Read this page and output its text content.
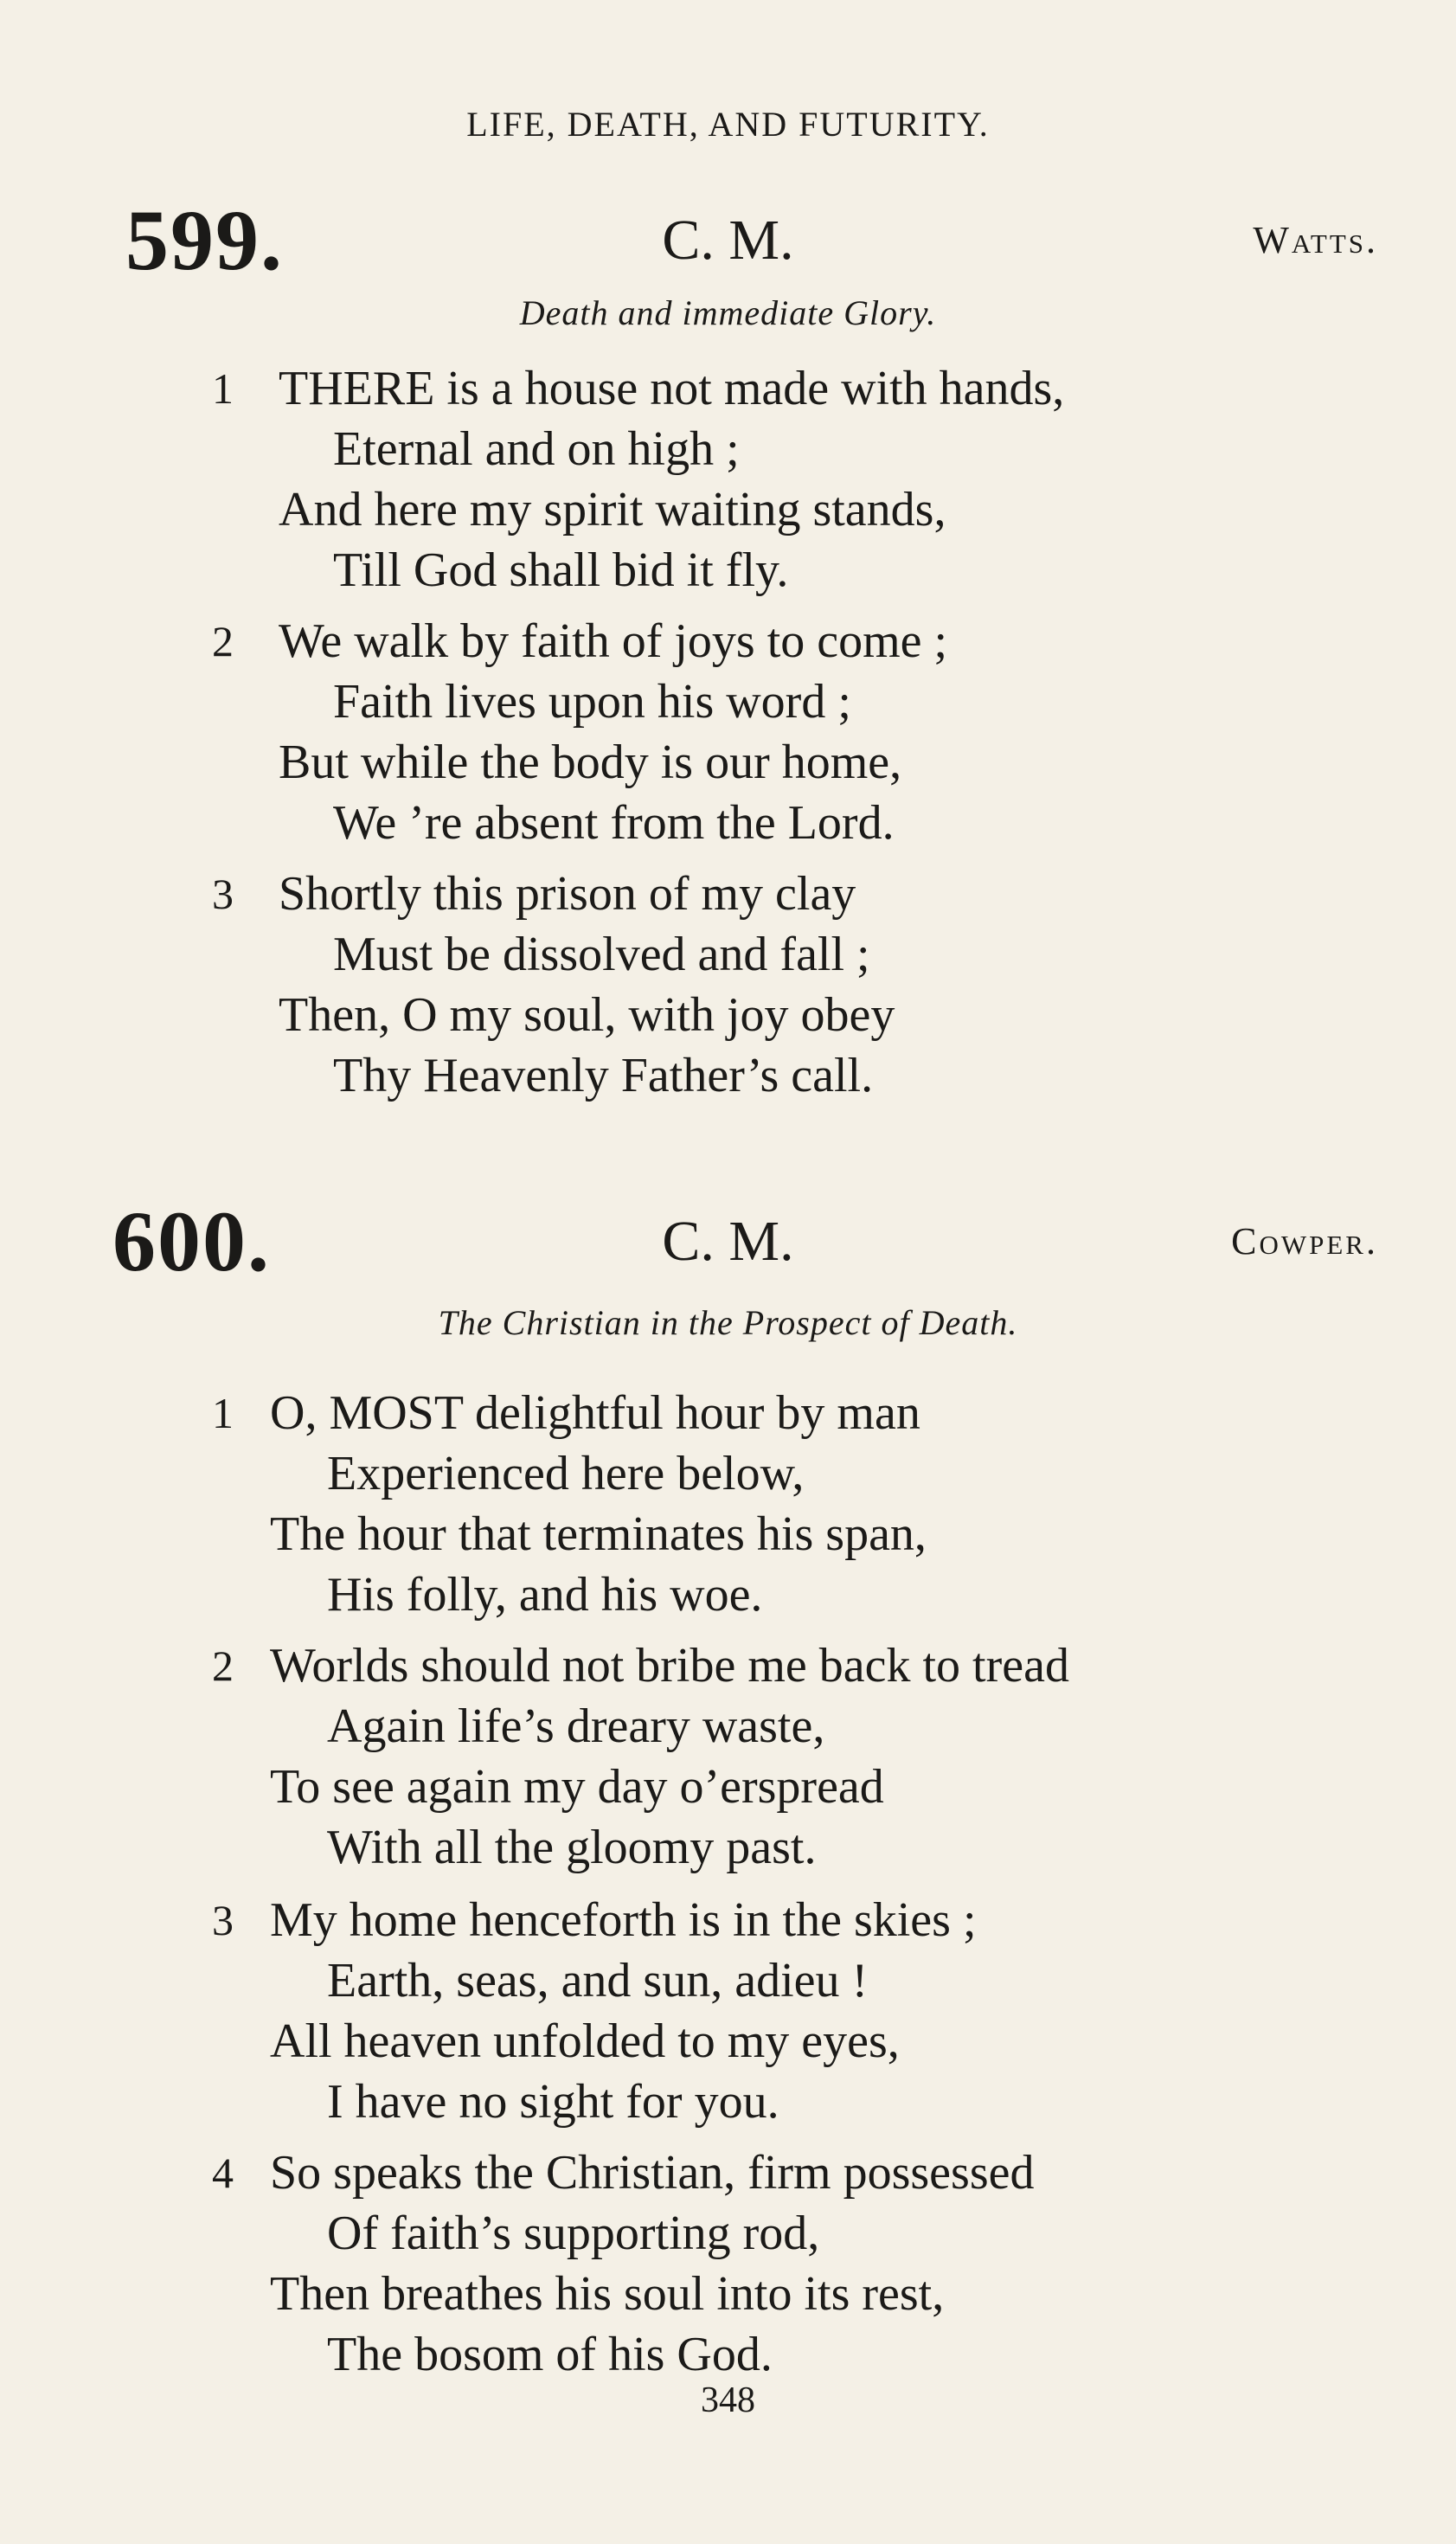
LIFE, DEATH, AND FUTURITY.
599.	C. M.	Watts.
Death and immediate Glory.
1 THERE is a house not made with hands,
Eternal and on high ;
And here my spirit waiting stands,
Till God shall bid it fly.
2 We walk by faith of joys to come ;
Faith lives upon his word ;
But while the body is our home,
We ’re absent from the Lord.
3 Shortly this prison of my clay
Must be dissolved and fall ;
Then, O my soul, with joy obey
Thy Heavenly Father’s call.
600.	C. M.	Cowper.
The Christian in the Prospect of Death.
1 O, MOST delightful hour by man
Experienced here below,
The hour that terminates his span,
His folly, and his woe.
2 Worlds should not bribe me back to tread
Again life’s dreary waste,
To see again my day o’erspread
With all the gloomy past.
3 My home henceforth is in the skies ;
Earth, seas, and sun, adieu !
All heaven unfolded to my eyes,
I have no sight for you.
4 So speaks the Christian, firm possessed
Of faith’s supporting rod,
Then breathes his soul into its rest,
The bosom of his God.
348
